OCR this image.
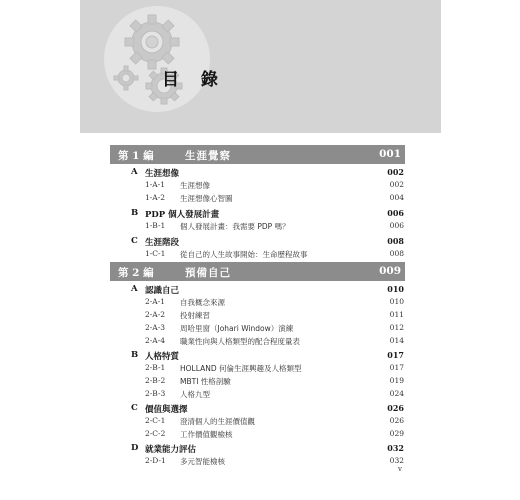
目 錄
第 1 編	生涯覺察	001
A 生涯想像	002
1-A-1 生涯想像	002
1-A-2 生涯想像心智圖	004
B PDP 個人發展計畫	006
1-B-1 個人發展計畫：我需要 PDP 嗎？	006
C 生涯階段	008
1-C-1 從自己的人生故事開始：生命歷程故事	008
第 2 編	預備自己	009
A 認識自己	010
2-A-1 自我概念來源	010
2-A-2 投射練習	011
2-A-3 周哈里窗（Johari Window）演練	012
2-A-4 職業性向與人格類型的配合程度量表	014
B 人格特質	017
2-B-1 HOLLAND 何倫生涯興趣及人格類型	017
2-B-2 MBTI 性格剖驗	019
2-B-3 人格九型	024
C 價值與選擇	026
2-C-1 澄清個人的生涯價值觀	026
2-C-2 工作價值觀檢核	029
D 就業能力評估	032
2-D-1 多元智能檢核	032
v
